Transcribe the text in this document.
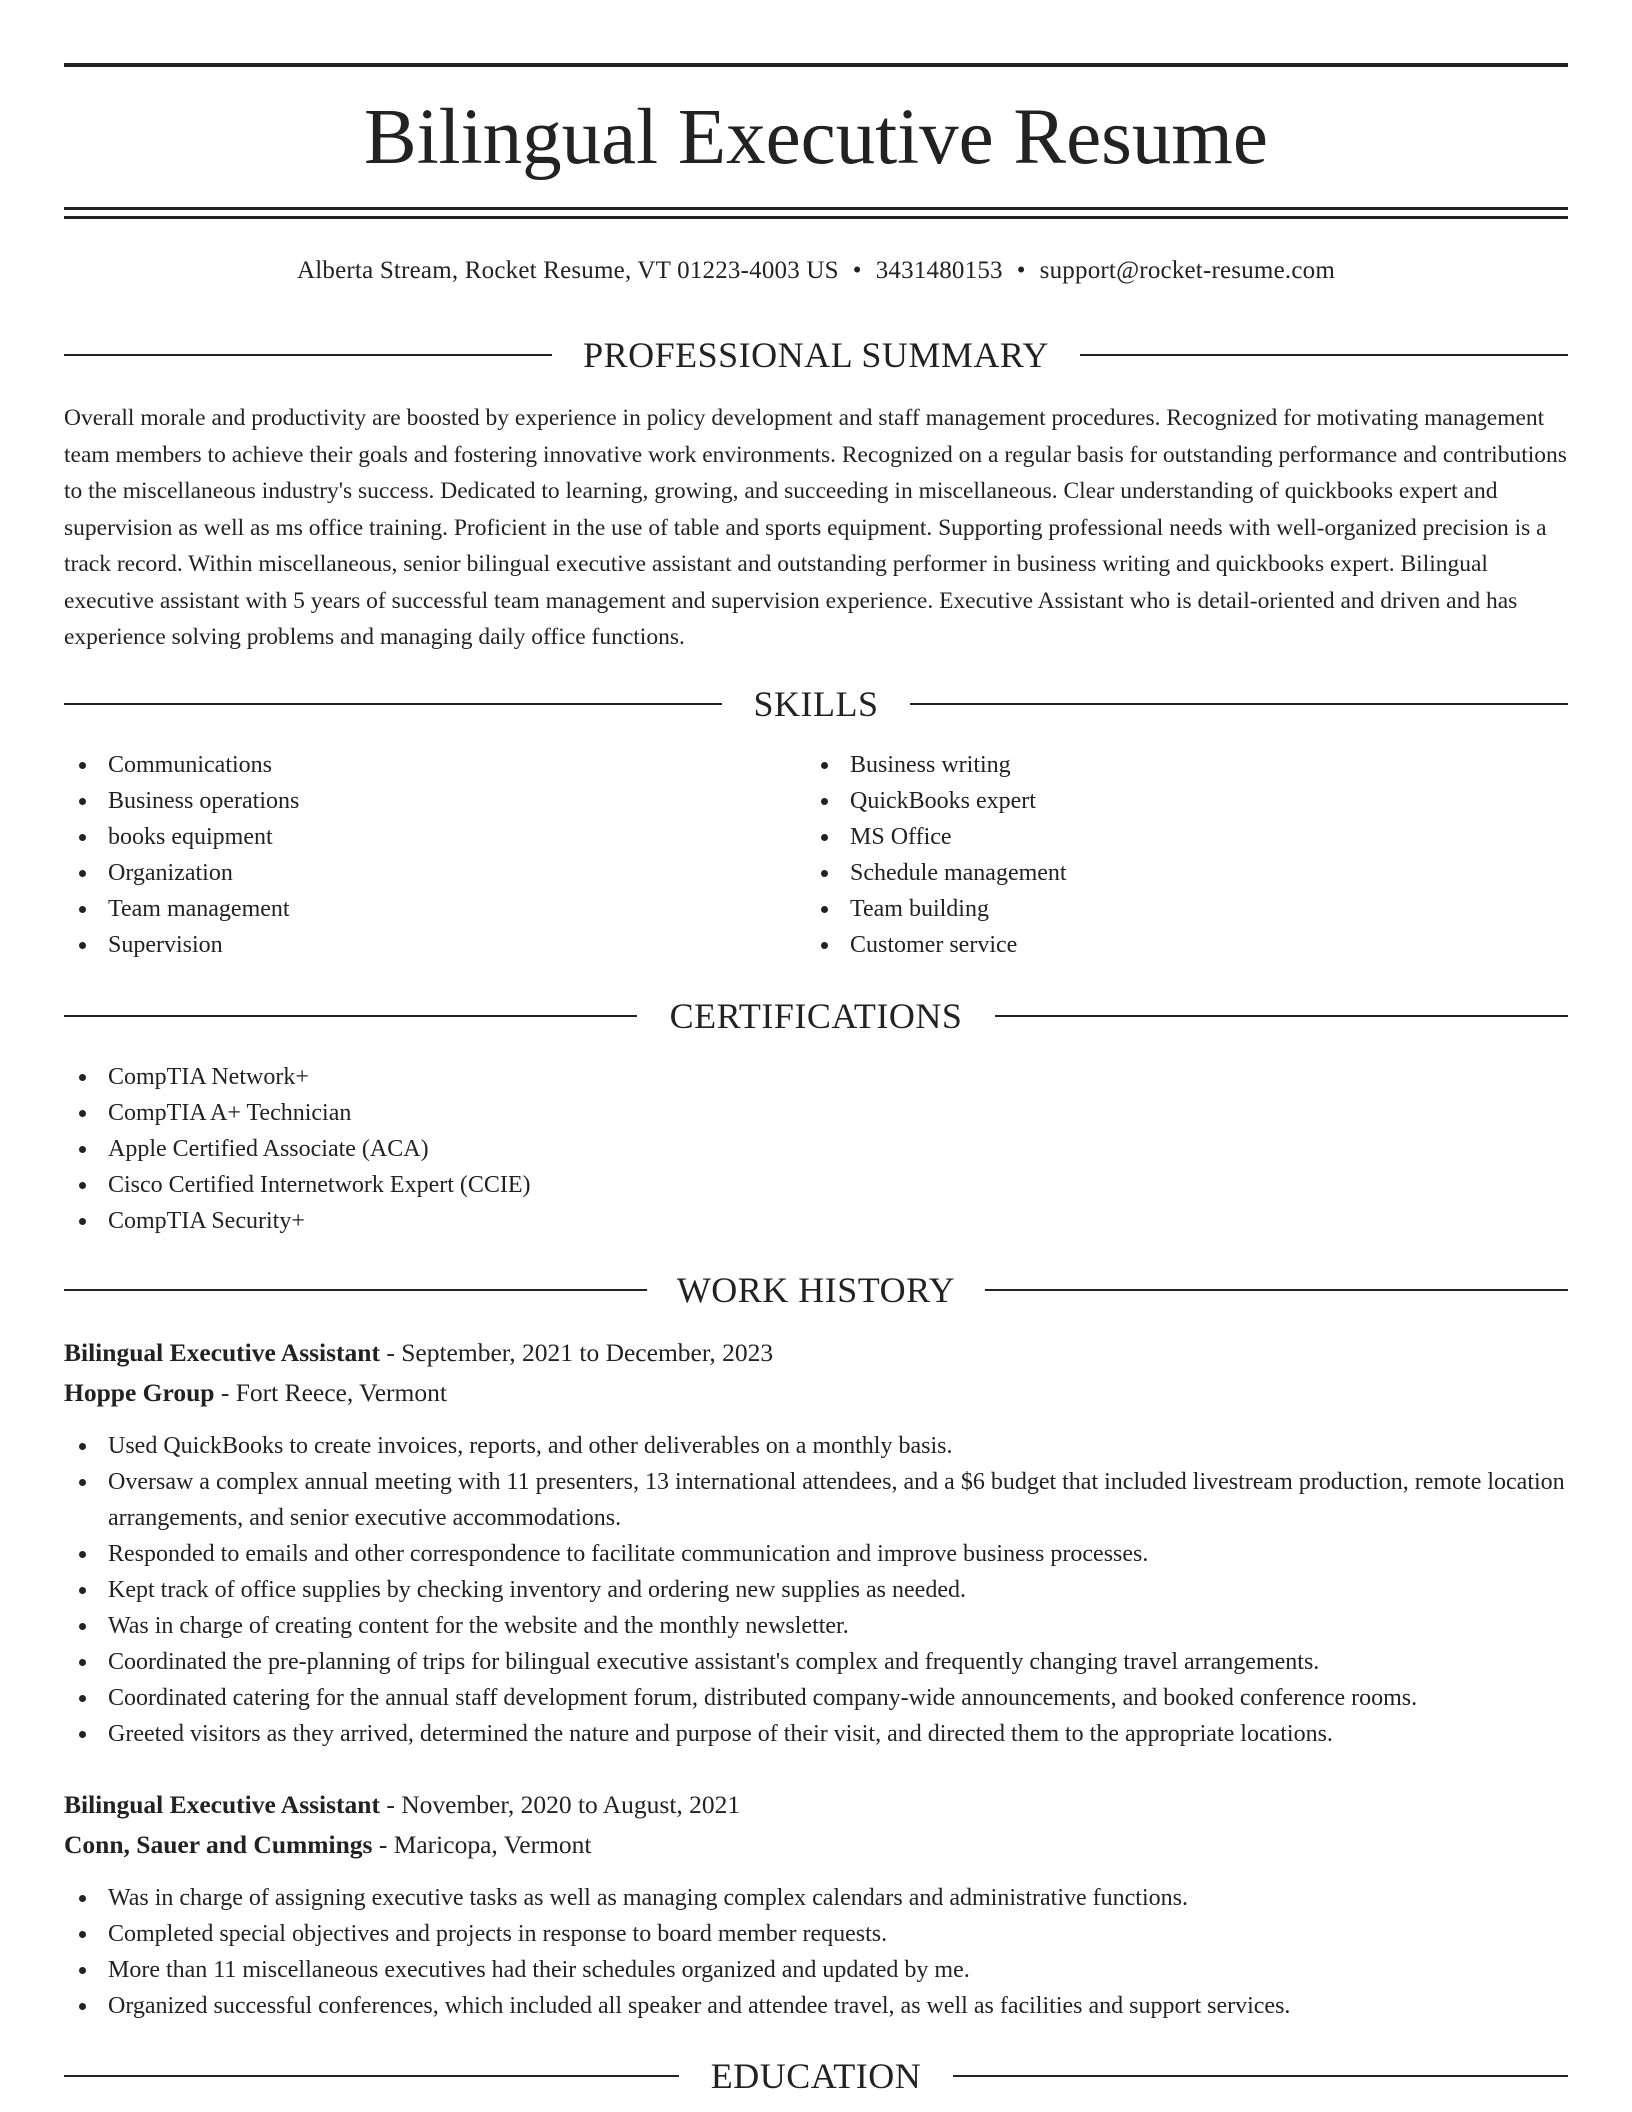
Bilingual Executive Resume
Alberta Stream, Rocket Resume, VT 01223-4003 US • 3431480153 • support@rocket-resume.com
PROFESSIONAL SUMMARY

Overall morale and productivity are boosted by experience in policy development and staff management procedures. Recognized for motivating management team members to achieve their goals and fostering innovative work environments. Recognized on a regular basis for outstanding performance and contributions to the miscellaneous industry's success. Dedicated to learning, growing, and succeeding in miscellaneous. Clear understanding of quickbooks expert and supervision as well as ms office training. Proficient in the use of table and sports equipment. Supporting professional needs with well-organized precision is a track record. Within miscellaneous, senior bilingual executive assistant and outstanding performer in business writing and quickbooks expert. Bilingual executive assistant with 5 years of successful team management and supervision experience. Executive Assistant who is detail-oriented and driven and has experience solving problems and managing daily office functions.

SKILLS
Communications
Business operations
books equipment
Organization
Team management
Supervision
Business writing
QuickBooks expert
MS Office
Schedule management
Team building
Customer service
CERTIFICATIONS
CompTIA Network+
CompTIA A+ Technician
Apple Certified Associate (ACA)
Cisco Certified Internetwork Expert (CCIE)
CompTIA Security+
WORK HISTORY
Bilingual Executive Assistant - September, 2021 to December, 2023
Hoppe Group - Fort Reece, Vermont
Used QuickBooks to create invoices, reports, and other deliverables on a monthly basis.
Oversaw a complex annual meeting with 11 presenters, 13 international attendees, and a $6 budget that included livestream production, remote location arrangements, and senior executive accommodations.
Responded to emails and other correspondence to facilitate communication and improve business processes.
Kept track of office supplies by checking inventory and ordering new supplies as needed.
Was in charge of creating content for the website and the monthly newsletter.
Coordinated the pre-planning of trips for bilingual executive assistant's complex and frequently changing travel arrangements.
Coordinated catering for the annual staff development forum, distributed company-wide announcements, and booked conference rooms.
Greeted visitors as they arrived, determined the nature and purpose of their visit, and directed them to the appropriate locations.
Bilingual Executive Assistant - November, 2020 to August, 2021
Conn, Sauer and Cummings - Maricopa, Vermont
Was in charge of assigning executive tasks as well as managing complex calendars and administrative functions.
Completed special objectives and projects in response to board member requests.
More than 11 miscellaneous executives had their schedules organized and updated by me.
Organized successful conferences, which included all speaker and attendee travel, as well as facilities and support services.
EDUCATION
